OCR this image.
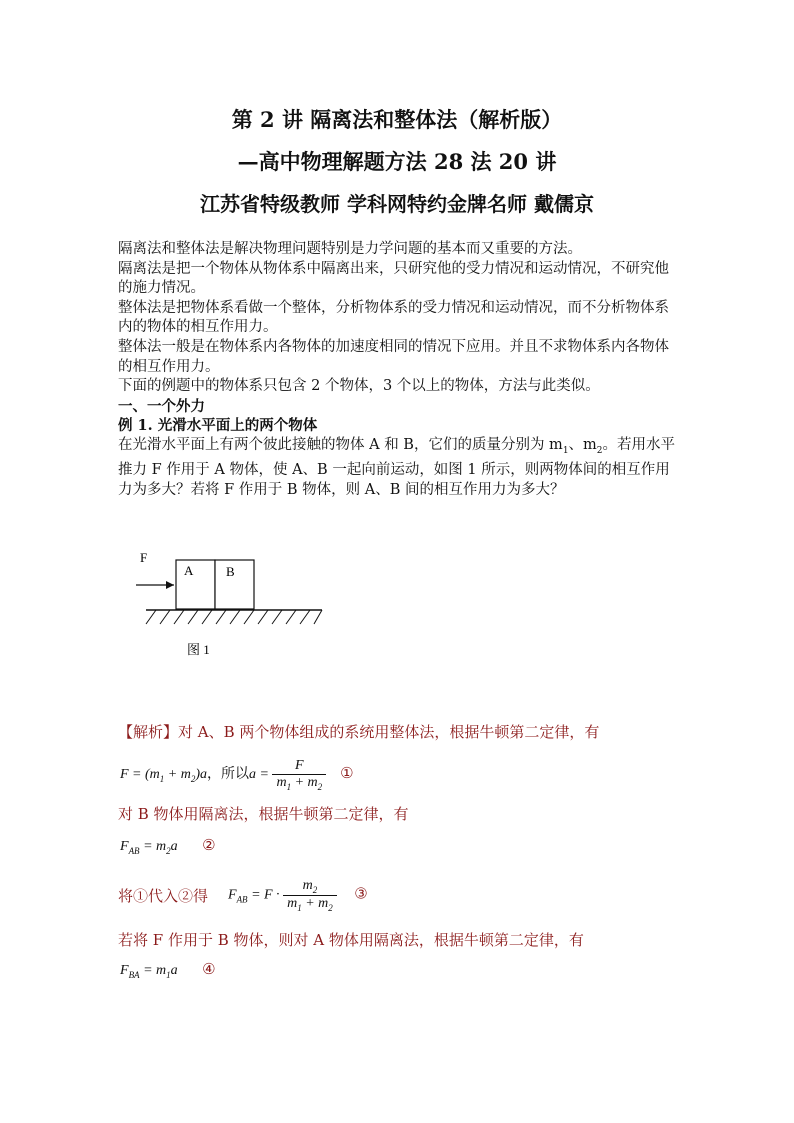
第 2 讲 隔离法和整体法（解析版）
—高中物理解题方法 28 法 20 讲
江苏省特级教师 学科网特约金牌名师 戴儒京

隔离法和整体法是解决物理问题特别是力学问题的基本而又重要的方法。

隔离法是把一个物体从物体系中隔离出来，只研究他的受力情况和运动情况，不研究他的施力情况。

整体法是把物体系看做一个整体，分析物体系的受力情况和运动情况，而不分析物体系内的物体的相互作用力。

整体法一般是在物体系内各物体的加速度相同的情况下应用。并且不求物体系内各物体的相互作用力。

下面的例题中的物体系只包含 2 个物体，3 个以上的物体，方法与此类似。

一、一个外力

例 1. 光滑水平面上的两个物体

在光滑水平面上有两个彼此接触的物体 A 和 B，它们的质量分别为 $m_1$、$m_2$。若用水平推力 F 作用于 A 物体，使 A、B 一起向前运动，如图 1 所示，则两物体间的相互作用力为多大？若将 F 作用于 B 物体，则 A、B 间的相互作用力为多大？

F
A	B
图 1
【解析】对 A、B 两个物体组成的系统用整体法，根据牛顿第二定律，有
$F = (m_1 + m_2)a$，所以$a = \frac{F}{m_1 + m_2}$ ①
对 B 物体用隔离法，根据牛顿第二定律，有
$F_{AB} = m_2a$ ②
将①代入②得 $F_{AB} = F \cdot \frac{m_2}{m_1 + m_2}$ ③
若将 F 作用于 B 物体，则对 A 物体用隔离法，根据牛顿第二定律，有
$F_{BA} = m_1a$ ④
